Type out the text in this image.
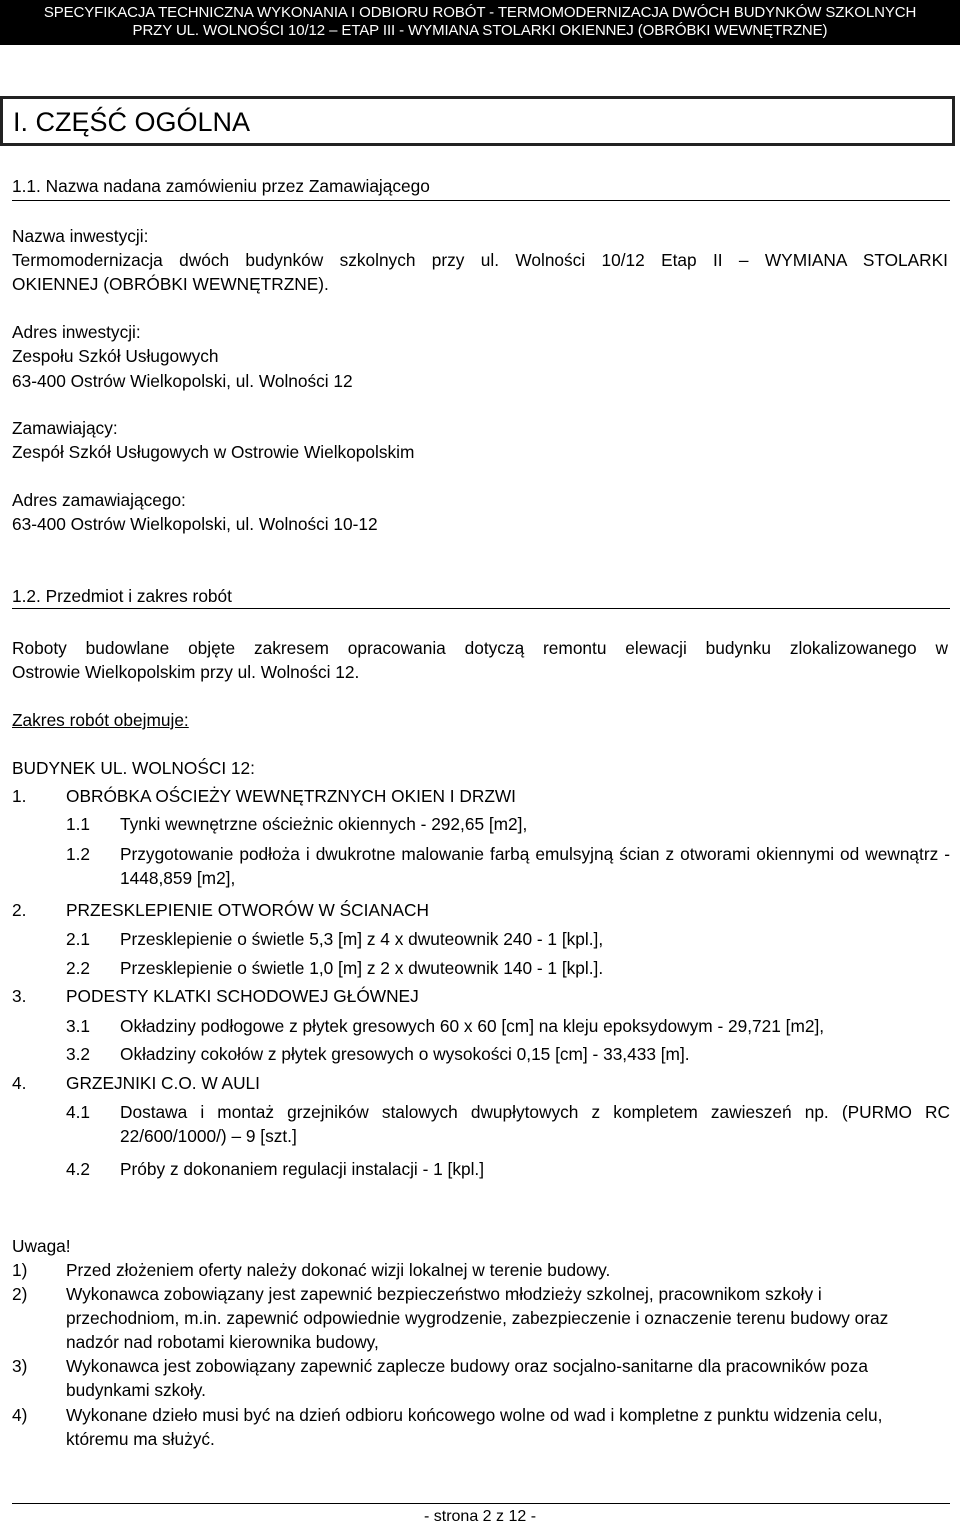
SPECYFIKACJA TECHNICZNA WYKONANIA I ODBIORU ROBÓT - TERMOMODERNIZACJA DWÓCH BUDYNKÓW SZKOLNYCH
PRZY UL. WOLNOŚCI 10/12 – ETAP III - WYMIANA STOLARKI OKIENNEJ (OBRÓBKI WEWNĘTRZNE)
I. CZĘŚĆ OGÓLNA
1.1. Nazwa nadana zamówieniu przez Zamawiającego
Nazwa inwestycji:
Termomodernizacja dwóch budynków szkolnych przy ul. Wolności 10/12 Etap II – WYMIANA STOLARKI
OKIENNEJ (OBRÓBKI WEWNĘTRZNE).
Adres inwestycji:
Zespołu Szkół Usługowych
63-400 Ostrów Wielkopolski, ul. Wolności 12
Zamawiający:
Zespół Szkół Usługowych w Ostrowie Wielkopolskim
Adres zamawiającego:
63-400 Ostrów Wielkopolski, ul. Wolności 10-12
1.2. Przedmiot i zakres robót
Roboty budowlane objęte zakresem opracowania dotyczą remontu elewacji budynku zlokalizowanego w
Ostrowie Wielkopolskim przy ul. Wolności 12.
Zakres robót obejmuje:
BUDYNEK UL. WOLNOŚCI 12:
1. OBRÓBKA OŚCIEŻY WEWNĘTRZNYCH OKIEN I DRZWI
1.1 Tynki wewnętrzne ościeżnic okiennych - 292,65 [m2],
1.2 Przygotowanie podłoża i dwukrotne malowanie farbą emulsyjną ścian z otworami okiennymi od wewnątrz - 1448,859 [m2],
2. PRZESKLEPIENIE OTWORÓW W ŚCIANACH
2.1 Przesklepienie o świetle 5,3 [m] z 4 x dwuteownik 240 - 1 [kpl.],
2.2 Przesklepienie o świetle 1,0 [m] z 2 x dwuteownik 140 - 1 [kpl.].
3. PODESTY KLATKI SCHODOWEJ GŁÓWNEJ
3.1 Okładziny podłogowe z płytek gresowych 60 x 60 [cm] na kleju epoksydowym - 29,721 [m2],
3.2 Okładziny cokołów z płytek gresowych o wysokości 0,15 [cm] - 33,433 [m].
4. GRZEJNIKI C.O. W AULI
4.1 Dostawa i montaż grzejników stalowych dwupłytowych z kompletem zawieszeń np. (PURMO RC 22/600/1000/) – 9 [szt.]
4.2 Próby z dokonaniem regulacji instalacji - 1 [kpl.]
Uwaga!
1) Przed złożeniem oferty należy dokonać wizji lokalnej w terenie budowy.
2) Wykonawca zobowiązany jest zapewnić bezpieczeństwo młodzieży szkolnej, pracownikom szkoły i przechodniom, m.in. zapewnić odpowiednie wygrodzenie, zabezpieczenie i oznaczenie terenu budowy oraz nadzór nad robotami kierownika budowy,
3) Wykonawca jest zobowiązany zapewnić zaplecze budowy oraz socjalno-sanitarne dla pracowników poza budynkami szkoły.
4) Wykonane dzieło musi być na dzień odbioru końcowego wolne od wad i kompletne z punktu widzenia celu, któremu ma służyć.
- strona 2 z 12 -
